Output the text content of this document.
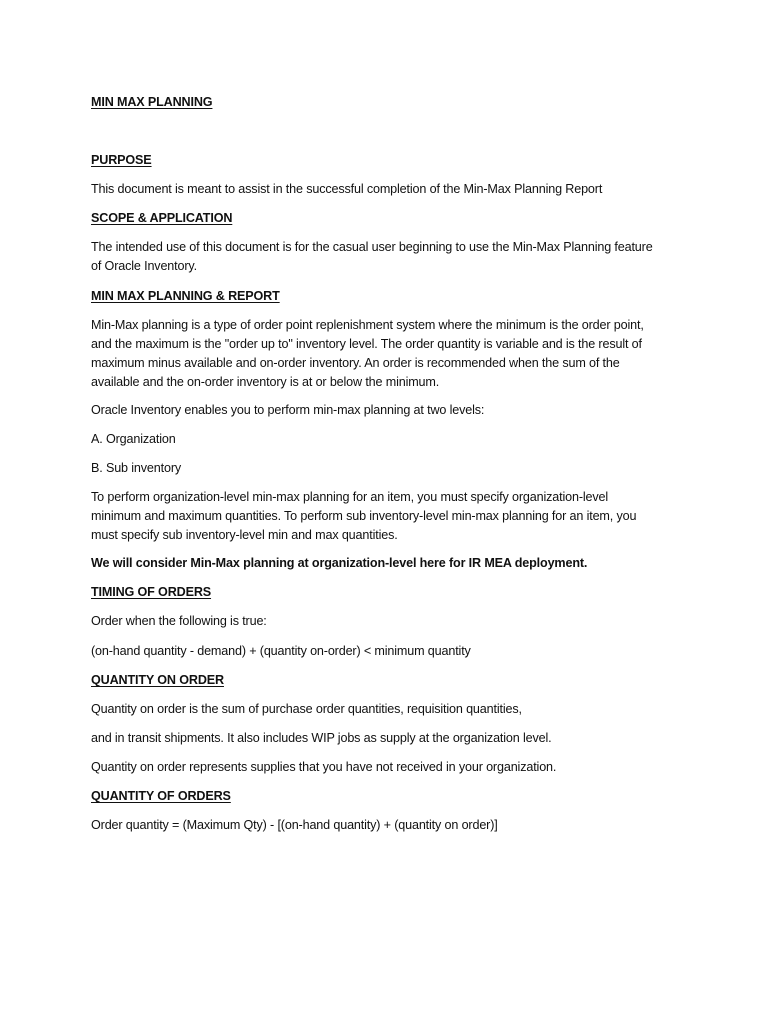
MIN MAX PLANNING

PURPOSE

This document is meant to assist in the successful completion of the Min-Max Planning Report

SCOPE & APPLICATION

The intended use of this document is for the casual user beginning to use the Min-Max Planning feature
of Oracle Inventory.

MIN MAX PLANNING & REPORT

Min-Max planning is a type of order point replenishment system where the minimum is the order point,
and the maximum is the "order up to" inventory level. The order quantity is variable and is the result of
maximum minus available and on-order inventory. An order is recommended when the sum of the
available and the on-order inventory is at or below the minimum.

Oracle Inventory enables you to perform min-max planning at two levels:

A. Organization

B. Sub inventory

To perform organization-level min-max planning for an item, you must specify organization-level
minimum and maximum quantities. To perform sub inventory-level min-max planning for an item, you
must specify sub inventory-level min and max quantities.

We will consider Min-Max planning at organization-level here for IR MEA deployment.

TIMING OF ORDERS

Order when the following is true:

(on-hand quantity - demand) + (quantity on-order) < minimum quantity

QUANTITY ON ORDER

Quantity on order is the sum of purchase order quantities, requisition quantities,

and in transit shipments. It also includes WIP jobs as supply at the organization level.

Quantity on order represents supplies that you have not received in your organization.

QUANTITY OF ORDERS

Order quantity = (Maximum Qty) - [(on-hand quantity) + (quantity on order)]
